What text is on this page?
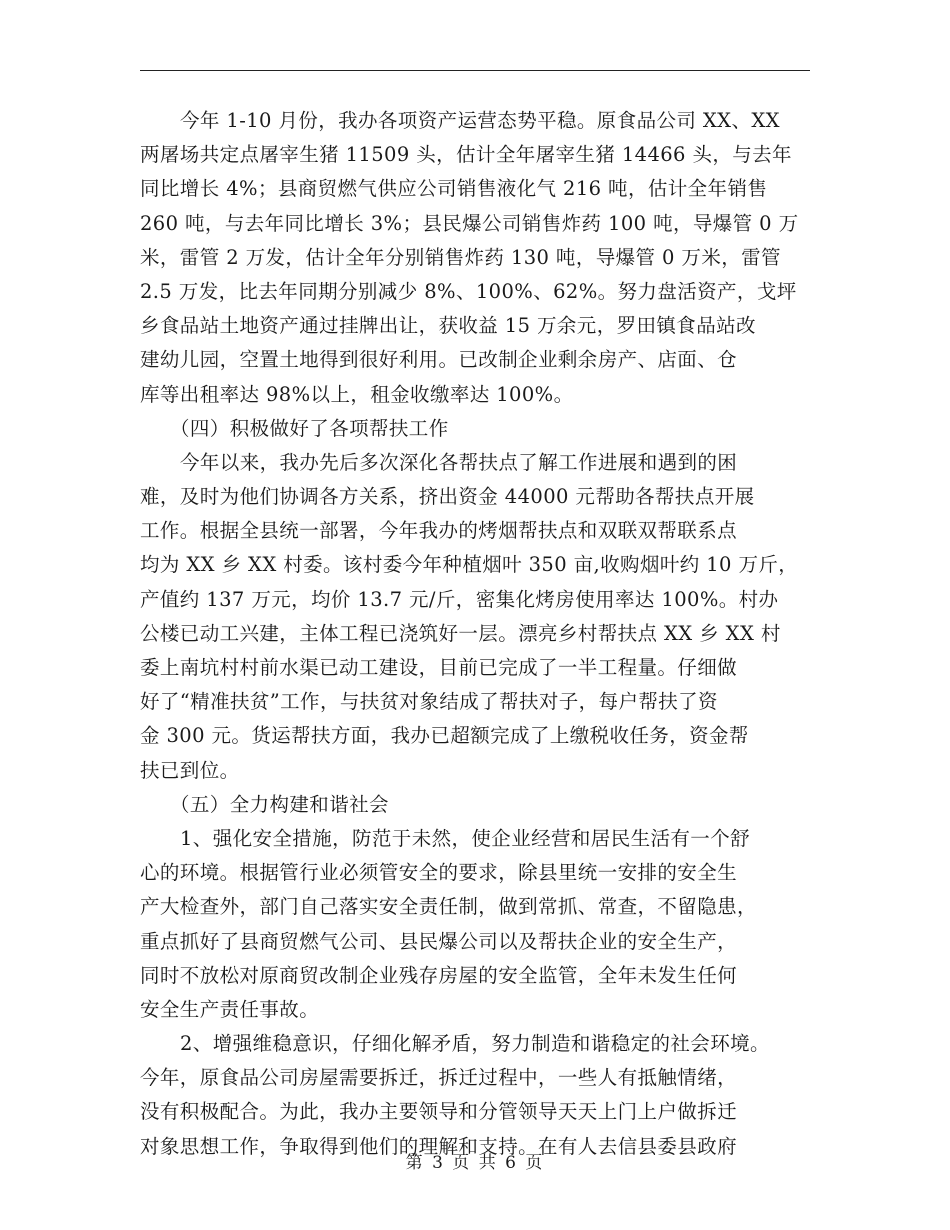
今年 1-10 月份，我办各项资产运营态势平稳。原食品公司 XX、XX
两屠场共定点屠宰生猪 11509 头，估计全年屠宰生猪 14466 头，与去年
同比增长 4%；县商贸燃气供应公司销售液化气 216 吨，估计全年销售
260 吨，与去年同比增长 3%；县民爆公司销售炸药 100 吨，导爆管 0 万
米，雷管 2 万发，估计全年分别销售炸药 130 吨，导爆管 0 万米，雷管
2.5 万发，比去年同期分别减少 8%、100%、62%。努力盘活资产，戈坪
乡食品站土地资产通过挂牌出让，获收益 15 万余元，罗田镇食品站改
建幼儿园，空置土地得到很好利用。已改制企业剩余房产、店面、仓
库等出租率达 98%以上，租金收缴率达 100%。
（四）积极做好了各项帮扶工作
今年以来，我办先后多次深化各帮扶点了解工作进展和遇到的困
难，及时为他们协调各方关系，挤出资金 44000 元帮助各帮扶点开展
工作。根据全县统一部署，今年我办的烤烟帮扶点和双联双帮联系点
均为 XX 乡 XX 村委。该村委今年种植烟叶 350 亩,收购烟叶约 10 万斤，
产值约 137 万元，均价 13.7 元/斤，密集化烤房使用率达 100%。村办
公楼已动工兴建，主体工程已浇筑好一层。漂亮乡村帮扶点 XX 乡 XX 村
委上南坑村村前水渠已动工建设，目前已完成了一半工程量。仔细做
好了“精准扶贫”工作，与扶贫对象结成了帮扶对子，每户帮扶了资
金 300 元。货运帮扶方面，我办已超额完成了上缴税收任务，资金帮
扶已到位。
（五）全力构建和谐社会
1、强化安全措施，防范于未然，使企业经营和居民生活有一个舒
心的环境。根据管行业必须管安全的要求，除县里统一安排的安全生
产大检查外，部门自己落实安全责任制，做到常抓、常查，不留隐患，
重点抓好了县商贸燃气公司、县民爆公司以及帮扶企业的安全生产，
同时不放松对原商贸改制企业残存房屋的安全监管，全年未发生任何
安全生产责任事故。
2、增强维稳意识，仔细化解矛盾，努力制造和谐稳定的社会环境。
今年，原食品公司房屋需要拆迁，拆迁过程中，一些人有抵触情绪，
没有积极配合。为此，我办主要领导和分管领导天天上门上户做拆迁
对象思想工作，争取得到他们的理解和支持。在有人去信县委县政府
第 3 页 共 6 页
